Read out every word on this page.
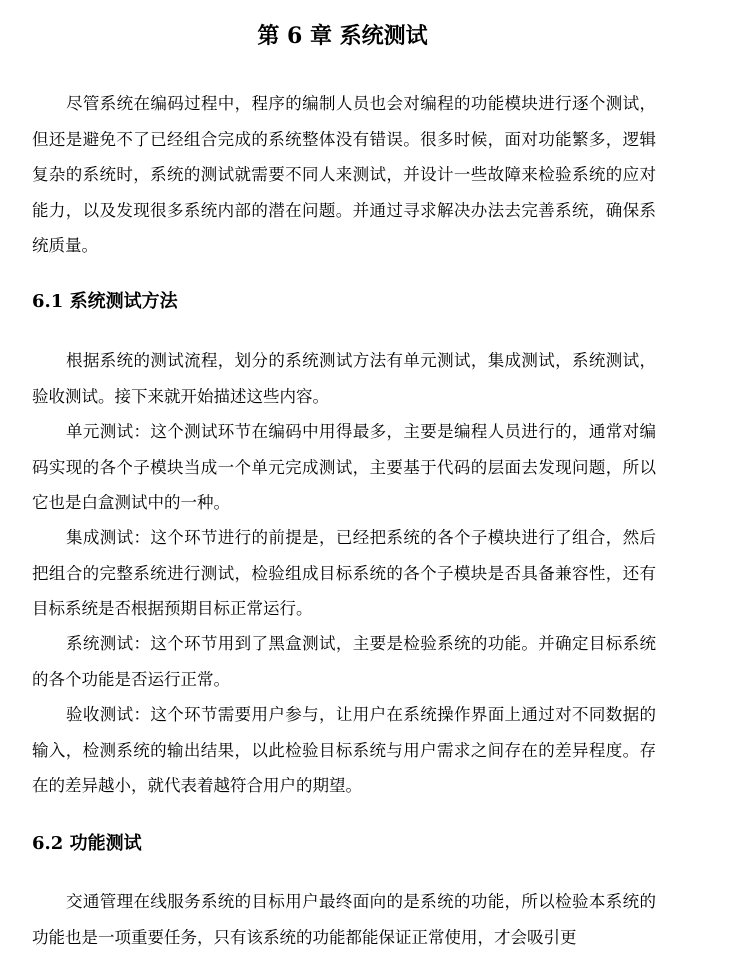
第 6 章 系统测试

尽管系统在编码过程中，程序的编制人员也会对编程的功能模块进行逐个测试，但还是避免不了已经组合完成的系统整体没有错误。很多时候，面对功能繁多，逻辑复杂的系统时，系统的测试就需要不同人来测试，并设计一些故障来检验系统的应对能力，以及发现很多系统内部的潜在问题。并通过寻求解决办法去完善系统，确保系统质量。

6.1 系统测试方法

根据系统的测试流程，划分的系统测试方法有单元测试，集成测试，系统测试，验收测试。接下来就开始描述这些内容。

单元测试：这个测试环节在编码中用得最多，主要是编程人员进行的，通常对编码实现的各个子模块当成一个单元完成测试，主要基于代码的层面去发现问题，所以它也是白盒测试中的一种。

集成测试：这个环节进行的前提是，已经把系统的各个子模块进行了组合，然后把组合的完整系统进行测试，检验组成目标系统的各个子模块是否具备兼容性，还有目标系统是否根据预期目标正常运行。

系统测试：这个环节用到了黑盒测试，主要是检验系统的功能。并确定目标系统的各个功能是否运行正常。

验收测试：这个环节需要用户参与，让用户在系统操作界面上通过对不同数据的输入，检测系统的输出结果，以此检验目标系统与用户需求之间存在的差异程度。存在的差异越小，就代表着越符合用户的期望。

6.2 功能测试

交通管理在线服务系统的目标用户最终面向的是系统的功能，所以检验本系统的功能也是一项重要任务，只有该系统的功能都能保证正常使用，才会吸引更
